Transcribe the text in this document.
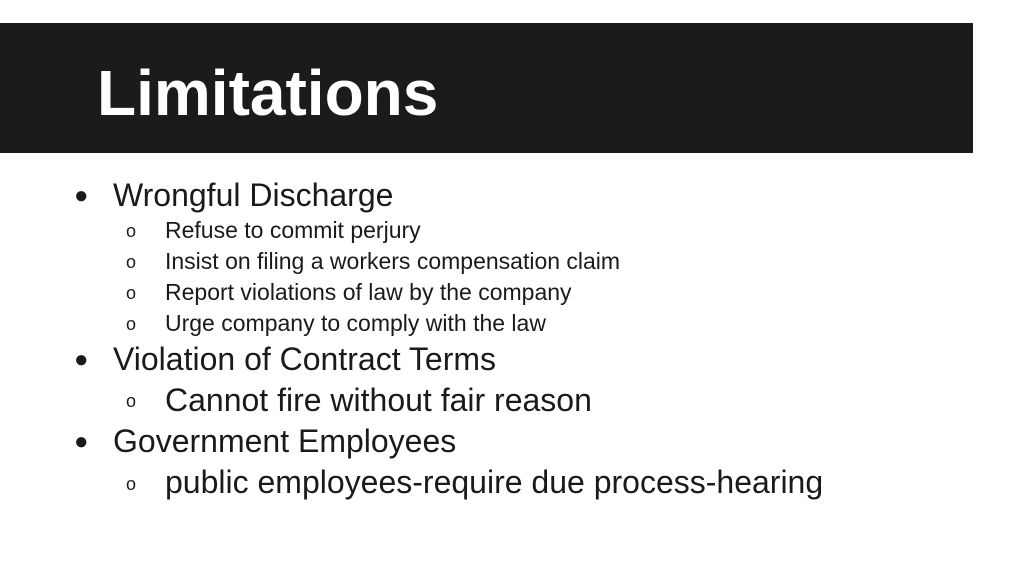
Limitations
● Wrongful Discharge
o Refuse to commit perjury
o Insist on filing a workers compensation claim
o Report violations of law by the company
o Urge company to comply with the law
● Violation of Contract Terms
o Cannot fire without fair reason
● Government Employees
o public employees-require due process-hearing
